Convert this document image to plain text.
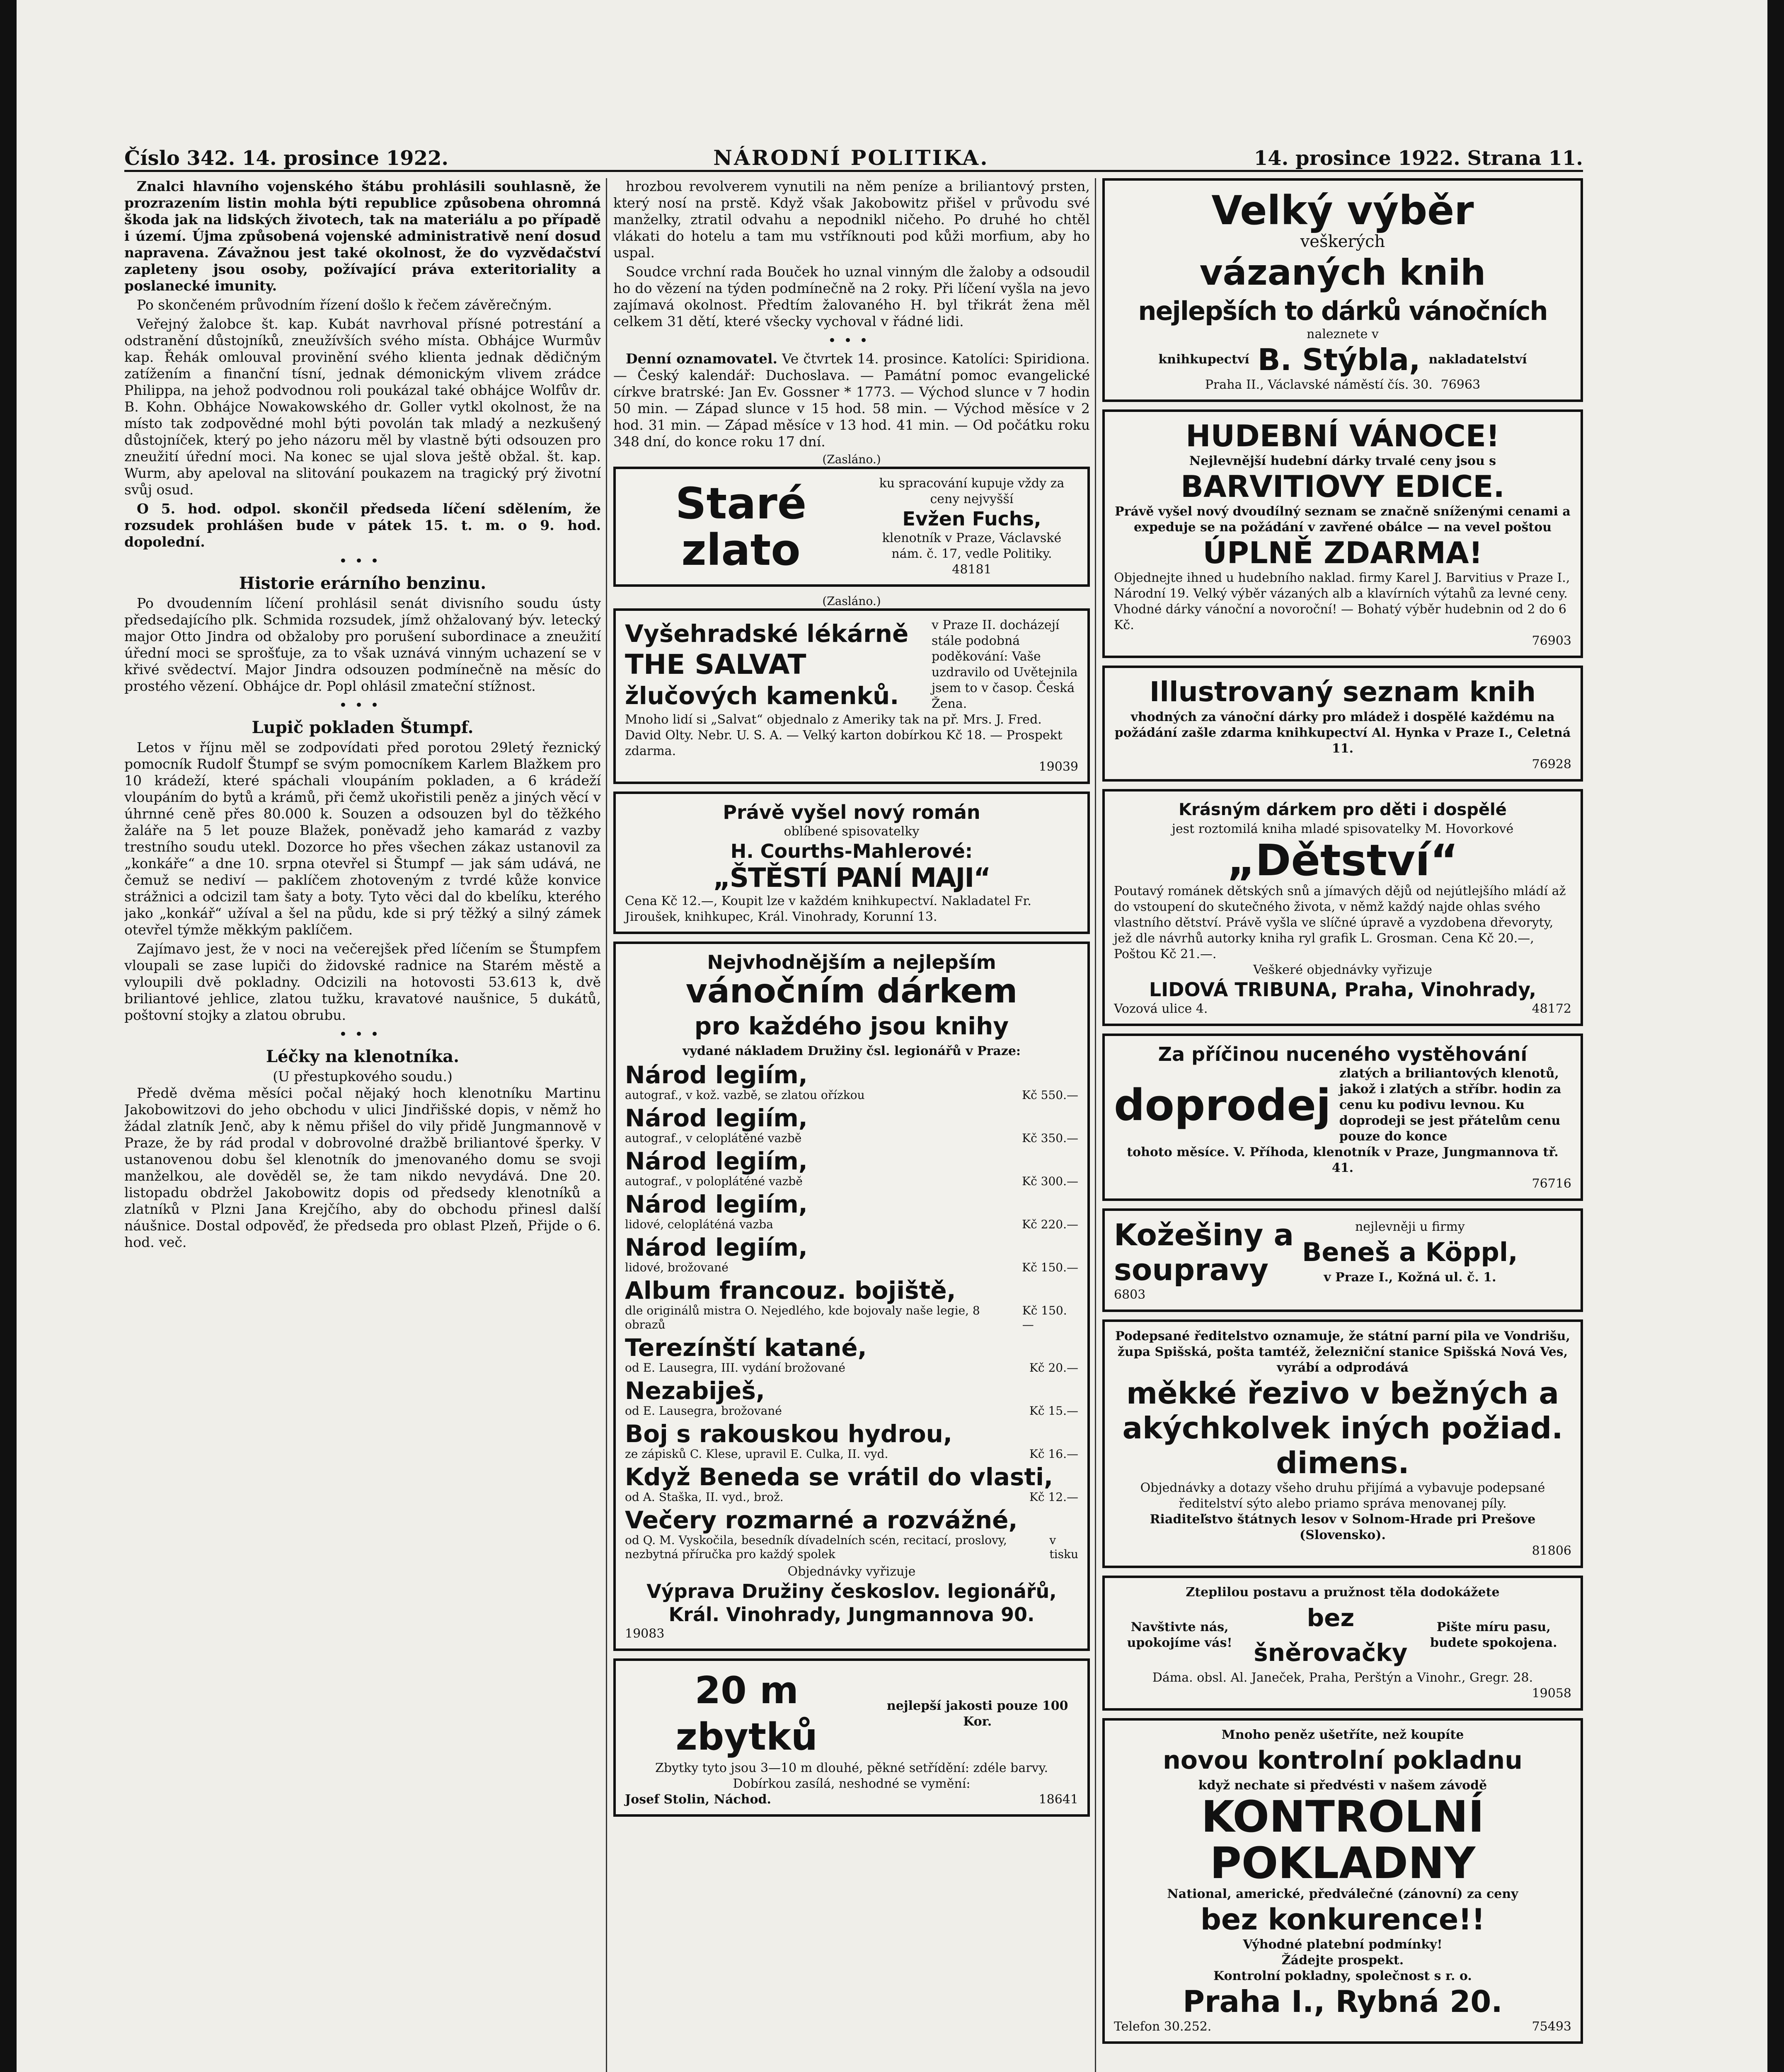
Číslo 342. 14. prosince 1922.	NÁRODNÍ POLITIKA.	14. prosince 1922. Strana 11.

Znalci hlavního vojenského štábu prohlásili souhlasně, že prozrazením listin mohla býti republice způsobena ohromná škoda jak na lidských životech, tak na materiálu a po případě i území. Újma způsobená vojenské administrativě není dosud napravena. Závažnou jest také okolnost, že do vyzvědačství zapleteny jsou osoby, požívající práva exteritoriality a poslanecké imunity.

Po skončeném průvodním řízení došlo k řečem závěrečným.

Veřejný žalobce št. kap. Kubát navrhoval přísné potrestání a odstranění důstojníků, zneužívších svého místa. Obhájce Wurmův kap. Řehák omlouval provinění svého klienta jednak dědičným zatížením a finanční tísní, jednak démonickým vlivem zrádce Philippa, na jehož podvodnou roli poukázal také obhájce Wolfův dr. B. Kohn. Obhájce Nowakowského dr. Goller vytkl okolnost, že na místo tak zodpovědné mohl býti povolán tak mladý a nezkušený důstojníček, který po jeho názoru měl by vlastně býti odsouzen pro zneužití úřední moci. Na konec se ujal slova ještě obžal. št. kap. Wurm, aby apeloval na slitování poukazem na tragický prý životní svůj osud.

O 5. hod. odpol. skončil předseda líčení sdělením, že rozsudek prohlášen bude v pátek 15. t. m. o 9. hod. dopolední.

•••
Historie erárního benzinu.

Po dvoudenním líčení prohlásil senát divisního soudu ústy předsedajícího plk. Schmida rozsudek, jímž ohžalovaný býv. letecký major Otto Jindra od obžaloby pro porušení subordinace a zneužití úřední moci se sprošťuje, za to však uznává vinným uchazení se v křivé svědectví. Major Jindra odsouzen podmínečně na měsíc do prostého vězení. Obhájce dr. Popl ohlásil zmateční stížnost.

•••
Lupič pokladen Štumpf.

Letos v říjnu měl se zodpovídati před porotou 29letý řeznický pomocník Rudolf Štumpf se svým pomocníkem Karlem Blažkem pro 10 krádeží, které spáchali vloupáním pokladen, a 6 krádeží vloupáním do bytů a krámů, při čemž ukořistili peněz a jiných věcí v úhrnné ceně přes 80.000 k. Souzen a odsouzen byl do těžkého žaláře na 5 let pouze Blažek, poněvadž jeho kamarád z vazby trestního soudu utekl. Dozorce ho přes všechen zákaz ustanovil za „konkáře“ a dne 10. srpna otevřel si Štumpf — jak sám udává, ne čemuž se nediví — paklíčem zhotoveným z tvrdé kůže konvice strážnici a odcizil tam šaty a boty. Tyto věci dal do kbelíku, kterého jako „konkář“ užíval a šel na půdu, kde si prý těžký a silný zámek otevřel týmže měkkým paklíčem.

Zajímavo jest, že v noci na večerejšek před líčením se Štumpfem vloupali se zase lupiči do židovské radnice na Starém městě a vyloupili dvě pokladny. Odcizili na hotovosti 53.613 k, dvě briliantové jehlice, zlatou tužku, kravatové naušnice, 5 dukátů, poštovní stojky a zlatou obrubu.

•••
Léčky na klenotníka.
(U přestupkového soudu.)

Předě dvěma měsíci počal nějaký hoch klenotníku Martinu Jakobowitzovi do jeho obchodu v ulici Jindřišské dopis, v němž ho žádal zlatník Jenč, aby k němu přišel do vily přidě Jungmannově v Praze, že by rád prodal v dobrovolné dražbě briliantové šperky. V ustanovenou dobu šel klenotník do jmenovaného domu se svoji manželkou, ale dověděl se, že tam nikdo nevydává. Dne 20. listopadu obdržel Jakobowitz dopis od předsedy klenotníků a zlatníků v Plzni Jana Krejčího, aby do obchodu přinesl další náušnice. Dostal odpověď, že předseda pro oblast Plzeň, Přijde o 6. hod. več.

hrozbou revolverem vynutili na něm peníze a briliantový prsten, který nosí na prstě. Když však Jakobowitz přišel v průvodu své manželky, ztratil odvahu a nepodnikl ničeho. Po druhé ho chtěl vlákati do hotelu a tam mu vstříknouti pod kůži morfium, aby ho uspal.

Soudce vrchní rada Bouček ho uznal vinným dle žaloby a odsoudil ho do vězení na týden podmínečně na 2 roky. Při líčení vyšla na jevo zajímavá okolnost. Předtím žalovaného H. byl třikrát žena měl celkem 31 dětí, které všecky vychoval v řádné lidi.

•••

Denní oznamovatel. Ve čtvrtek 14. prosince. Katolíci: Spiridiona. — Český kalendář: Duchoslava. — Památní pomoc evangelické církve bratrské: Jan Ev. Gossner * 1773. — Východ slunce v 7 hodin 50 min. — Západ slunce v 15 hod. 58 min. — Východ měsíce v 2 hod. 31 min. — Západ měsíce v 13 hod. 41 min. — Od počátku roku 348 dní, do konce roku 17 dní.

(Zasláno.)
Staré
zlato
ku spracování kupuje vždy za ceny nejvyšší
Evžen Fuchs,
klenotník v Praze, Václavské nám. č. 17, vedle Politiky.
48181
(Zasláno.)
Vyšehradské lékárně
THE SALVAT
žlučových kamenků.
v Praze II. docházejí stále podobná poděkování: Vaše uzdravilo od Uvětejnila jsem to v časop. Česká Žena.
Mnoho lidí si „Salvat“ objednalo z Ameriky tak na př. Mrs. J. Fred. David Olty. Nebr. U. S. A. — Velký karton dobírkou Kč 18. — Prospekt zdarma.
19039
Právě vyšel nový román
oblíbené spisovatelky
H. Courths-Mahlerové:
„ŠTĚSTÍ PANÍ MAJI“
Cena Kč 12.—, Koupit lze v každém knihkupectví. Nakladatel Fr. Jiroušek, knihkupec, Král. Vinohrady, Korunní 13.
Nejvhodnějším a nejlepším
vánočním dárkem
pro každého jsou knihy
vydané nákladem Družiny čsl. legionářů v Praze:
Národ legiím,
autograf., v kož. vazbě, se zlatou ořízkou	Kč 550.—
Národ legiím,
autograf., v celoplátěné vazbě	Kč 350.—
Národ legiím,
autograf., v polopláténé vazbě	Kč 300.—
Národ legiím,
lidové, celopláténá vazba	Kč 220.—
Národ legiím,
lidové, brožované	Kč 150.—
Album francouz. bojiště,
dle originálů mistra O. Nejedlého, kde bojovaly naše legie, 8 obrazů
Kč 150.—
Terezínští katané,
od E. Lausegra, III. vydání brožované	Kč 20.—
Nezabiješ,
od E. Lausegra, brožované	Kč 15.—
Boj s rakouskou hydrou,
ze zápisků C. Klese, upravil E. Culka, II. vyd.	Kč 16.—
Když Beneda se vrátil do vlasti,
od A. Staška, II. vyd., brož.	Kč 12.—
Večery rozmarné a rozvážné,
od Q. M. Vyskočila, besedník dívadelních scén, recitací, proslovy, nezbytná příručka pro každý spolek
v tisku
Objednávky vyřizuje
Výprava Družiny českoslov. legionářů,
Král. Vinohrady, Jungmannova 90.
19083
20 m zbytků
nejlepší jakosti pouze 100 Kor.
Zbytky tyto jsou 3—10 m dlouhé, pěkné setřídění: zdéle barvy. Dobírkou zasílá, neshodné se vymění:
Josef Stolin, Náchod.	18641
Velký výběr
veškerých
vázaných knih
nejlepších to dárků vánočních
naleznete v
knihkupectví B. Stýbla, nakladatelství
Praha II., Václavské náměstí čís. 30. 76963
HUDEBNÍ VÁNOCE!
Nejlevnější hudební dárky trvalé ceny jsou s
BARVITIOVY EDICE.
Právě vyšel nový dvoudílný seznam se značně sníženými cenami a expeduje se na požádání v zavřené obálce — na vevel poštou
ÚPLNĚ ZDARMA!
Objednejte ihned u hudebního naklad. firmy Karel J. Barvitius v Praze I., Národní 19. Velký výběr vázaných alb a klavírních výtahů za levné ceny. Vhodné dárky vánoční a novoroční! — Bohatý výběr hudebnin od 2 do 6 Kč.
76903
Illustrovaný seznam knih
vhodných za vánoční dárky pro mládež i dospělé každému na požádání zašle zdarma knihkupectví Al. Hynka v Praze I., Celetná 11.
76928
Krásným dárkem pro děti i dospělé
jest roztomilá kniha mladé spisovatelky M. Hovorkové
„Dětství“
Poutavý románek dětských snů a jímavých dějů od nejútlejšího mládí až do vstoupení do skutečného života, v němž každý najde ohlas svého vlastního dětství. Právě vyšla ve slíčné úpravě a vyzdobena dřevoryty, jež dle návrhů autorky kniha ryl grafik L. Grosman. Cena Kč 20.—, Poštou Kč 21.—.
Veškeré objednávky vyřizuje
LIDOVÁ TRIBUNA, Praha, Vinohrady,
Vozová ulice 4.	48172
Za příčinou nuceného vystěhování
doprodej
zlatých a briliantových klenotů, jakož i zlatých a stříbr. hodin za cenu ku podivu levnou. Ku doprodeji se jest přátelům cenu pouze do konce
tohoto měsíce. V. Příhoda, klenotník v Praze, Jungmannova tř. 41.
76716
Kožešiny a
soupravy
nejlevněji u firmy
Beneš a Köppl,
v Praze I., Kožná ul. č. 1.
6803
Podepsané ředitelstvo oznamuje, že státní parní pila ve Vondrišu, župa Spišská, pošta tamtéž, železniční stanice Spišská Nová Ves, vyrábí a odprodává
měkké řezivo v bežných a akýchkolvek iných požiad. dimens.
Objednávky a dotazy všeho druhu přijímá a vybavuje podepsané ředitelství sýto alebo priamo správa menovanej píly.
Riaditeľstvo štátnych lesov v Solnom-Hrade pri Prešove (Slovensko).
81806
Zteplilou postavu a pružnost těla dodokážete
Navštivte nás, upokojíme vás!
bez šněrovačky
Pište míru pasu, budete spokojena.
Dáma. obsl. Al. Janeček, Praha, Perštýn a Vinohr., Gregr. 28.
19058
Mnoho peněz ušetříte, než koupíte
novou kontrolní pokladnu
když nechate si předvésti v našem závodě
KONTROLNÍ
POKLADNY
National, americké, předválečné (zánovní) za ceny
bez konkurence!!
Výhodné platební podmínky!
Žádejte prospekt.
Kontrolní pokladny, společnost s r. o.
Praha I., Rybná 20.
Telefon 30.252.	75493
